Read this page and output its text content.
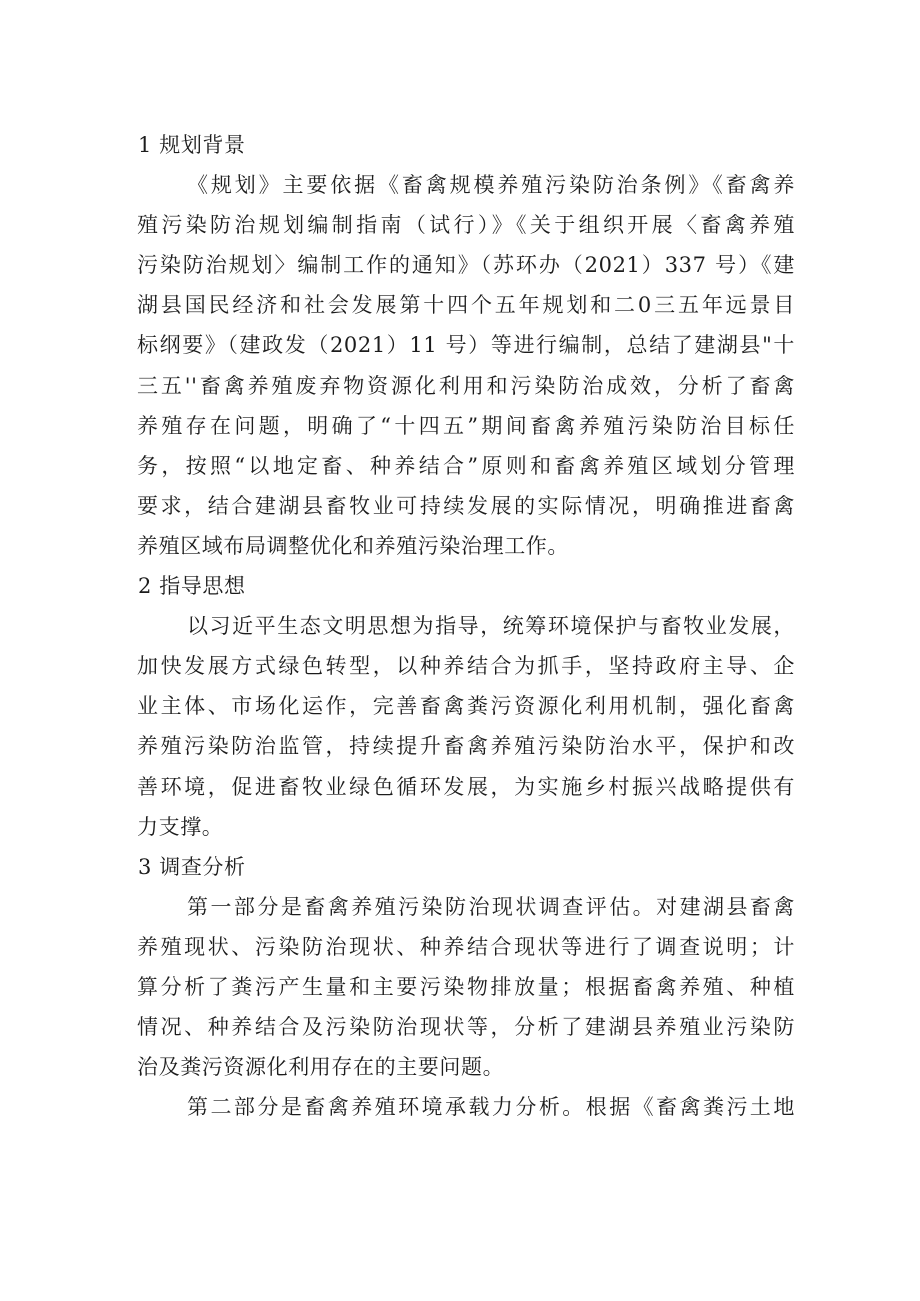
1 规划背景
《规划》主要依据《畜禽规模养殖污染防治条例》《畜禽养
殖污染防治规划编制指南（试行）》《关于组织开展〈畜禽养殖
污染防治规划〉编制工作的通知》（苏环办（2021）337 号）《建
湖县国民经济和社会发展第十四个五年规划和二0三五年远景目
标纲要》（建政发（2021）11 号）等进行编制，总结了建湖县"十
三五''畜禽养殖废弃物资源化利用和污染防治成效，分析了畜禽
养殖存在问题，明确了“十四五”期间畜禽养殖污染防治目标任
务，按照“以地定畜、种养结合”原则和畜禽养殖区域划分管理
要求，结合建湖县畜牧业可持续发展的实际情况，明确推进畜禽
养殖区域布局调整优化和养殖污染治理工作。
2 指导思想
以习近平生态文明思想为指导，统筹环境保护与畜牧业发展，
加快发展方式绿色转型，以种养结合为抓手，坚持政府主导、企
业主体、市场化运作，完善畜禽粪污资源化利用机制，强化畜禽
养殖污染防治监管，持续提升畜禽养殖污染防治水平，保护和改
善环境，促进畜牧业绿色循环发展，为实施乡村振兴战略提供有
力支撑。
3 调查分析
第一部分是畜禽养殖污染防治现状调查评估。对建湖县畜禽
养殖现状、污染防治现状、种养结合现状等进行了调查说明；计
算分析了粪污产生量和主要污染物排放量；根据畜禽养殖、种植
情况、种养结合及污染防治现状等，分析了建湖县养殖业污染防
治及粪污资源化利用存在的主要问题。
第二部分是畜禽养殖环境承载力分析。根据《畜禽粪污土地
